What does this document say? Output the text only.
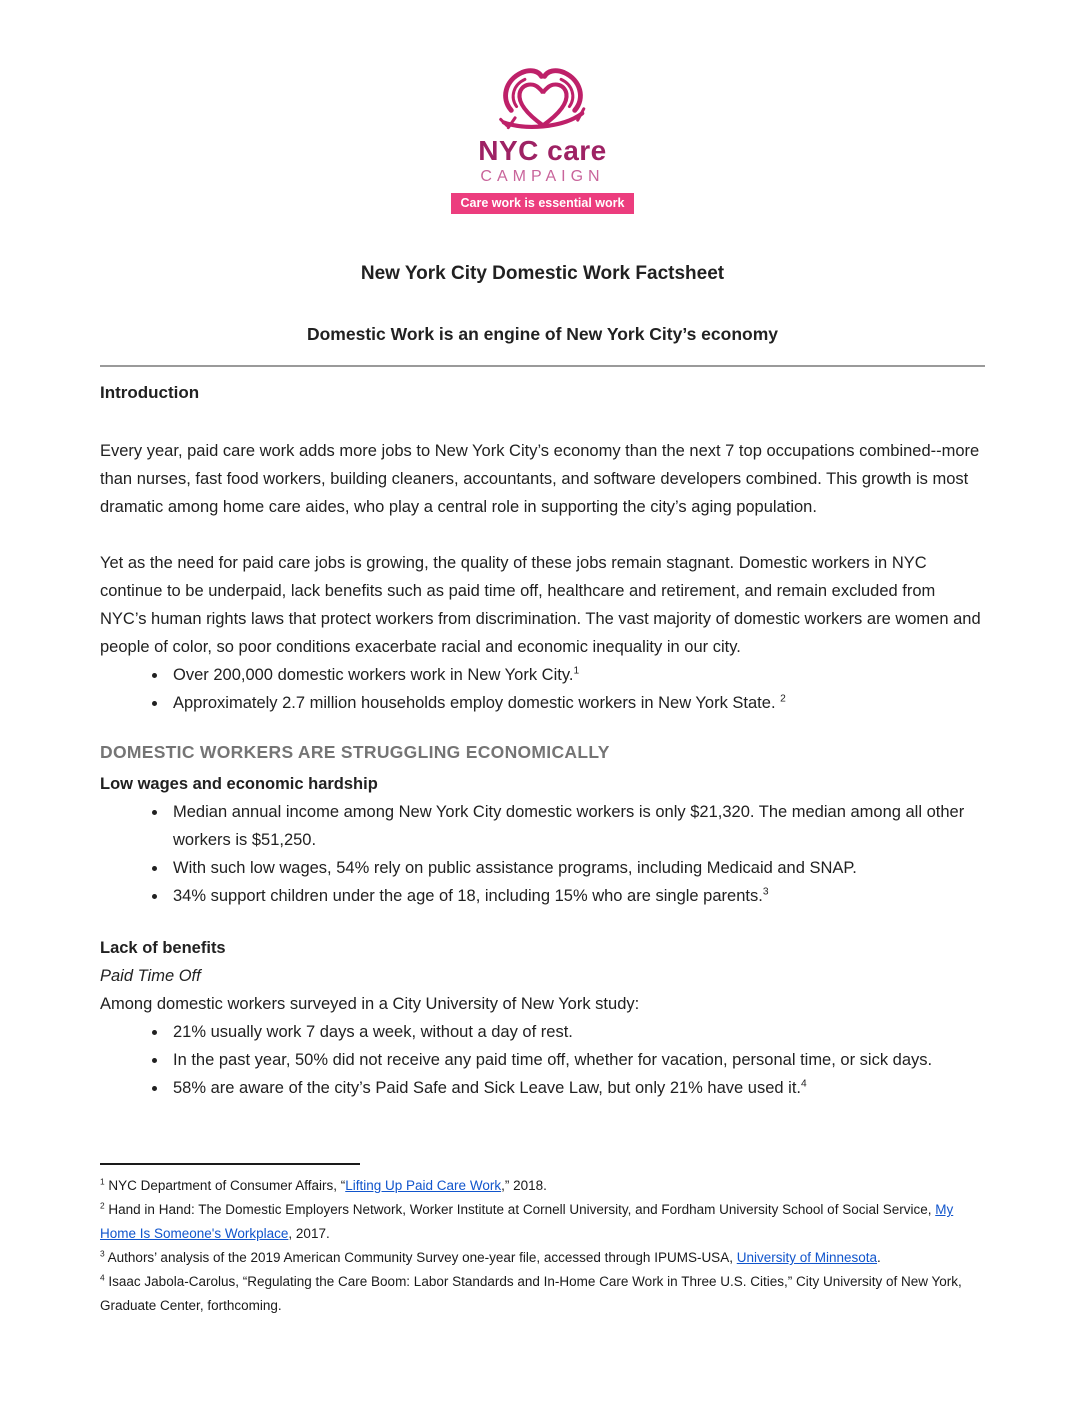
NYC care
CAMPAIGN
Care work is essential work
New York City Domestic Work Factsheet
Domestic Work is an engine of New York City’s economy
Introduction

Every year, paid care work adds more jobs to New York City’s economy than the next 7 top occupations combined--more than nurses, fast food workers, building cleaners, accountants, and software developers combined. This growth is most dramatic among home care aides, who play a central role in supporting the city’s aging population.

Yet as the need for paid care jobs is growing, the quality of these jobs remain stagnant. Domestic workers in NYC continue to be underpaid, lack benefits such as paid time off, healthcare and retirement, and remain excluded from NYC’s human rights laws that protect workers from discrimination. The vast majority of domestic workers are women and people of color, so poor conditions exacerbate racial and economic inequality in our city.

• Over 200,000 domestic workers work in New York City.$^1$
• Approximately 2.7 million households employ domestic workers in New York State. $^2$
DOMESTIC WORKERS ARE STRUGGLING ECONOMICALLY
Low wages and economic hardship
• Median annual income among New York City domestic workers is only $21,320. The median among all other workers is $51,250.
• With such low wages, 54% rely on public assistance programs, including Medicaid and SNAP.
• 34% support children under the age of 18, including 15% who are single parents.$^3$
Lack of benefits
Paid Time Off

Among domestic workers surveyed in a City University of New York study:

• 21% usually work 7 days a week, without a day of rest.
• In the past year, 50% did not receive any paid time off, whether for vacation, personal time, or sick days.
• 58% are aware of the city’s Paid Safe and Sick Leave Law, but only 21% have used it.$^4$

$^1$ NYC Department of Consumer Affairs, “Lifting Up Paid Care Work,” 2018.

$^2$ Hand in Hand: The Domestic Employers Network, Worker Institute at Cornell University, and Fordham University School of Social Service, My Home Is Someone's Workplace, 2017.

$^3$ Authors’ analysis of the 2019 American Community Survey one-year file, accessed through IPUMS-USA, University of Minnesota.

$^4$ Isaac Jabola-Carolus, “Regulating the Care Boom: Labor Standards and In-Home Care Work in Three U.S. Cities,” City University of New York, Graduate Center, forthcoming.
